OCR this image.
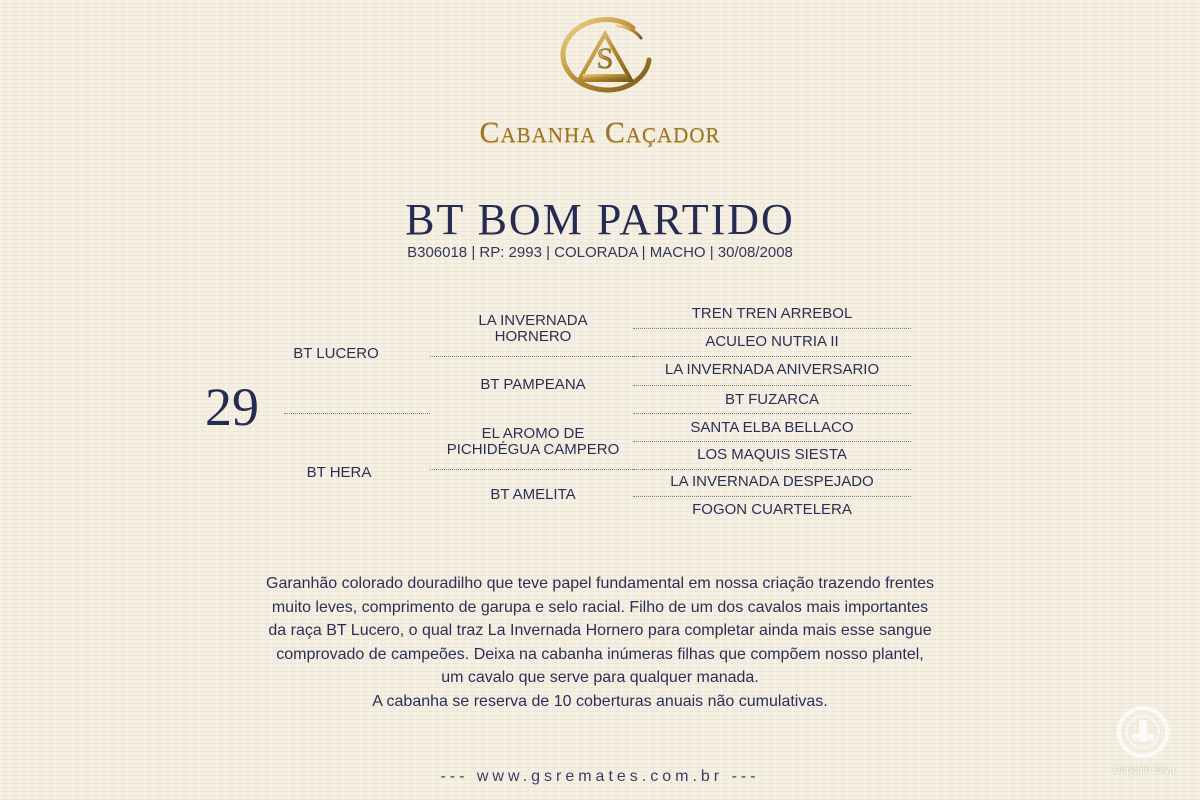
S
Cabanha Caçador
BT BOM PARTIDO
B306018 | RP: 2993 | COLORADA | MACHO | 30/08/2008
29
BT LUCERO
BT HERA
LA INVERNADA HORNERO
BT PAMPEANA
EL AROMO DE PICHIDÉGUA CAMPERO
BT AMELITA
TREN TREN ARREBOL
ACULEO NUTRIA II
LA INVERNADA ANIVERSARIO
BT FUZARCA
SANTA ELBA BELLACO
LOS MAQUIS SIESTA
LA INVERNADA DESPEJADO
FOGON CUARTELERA
Garanhão colorado douradilho que teve papel fundamental em nossa criação trazendo frentes
muito leves, comprimento de garupa e selo racial. Filho de um dos cavalos mais importantes
da raça BT Lucero, o qual traz La Invernada Hornero para completar ainda mais esse sangue
comprovado de campeões. Deixa na cabanha inúmeras filhas que compõem nosso plantel,
um cavalo que serve para qualquer manada.
A cabanha se reserva de 10 coberturas anuais não cumulativas.
--- www.gsremates.com.br ---	Gonçalo Silva
